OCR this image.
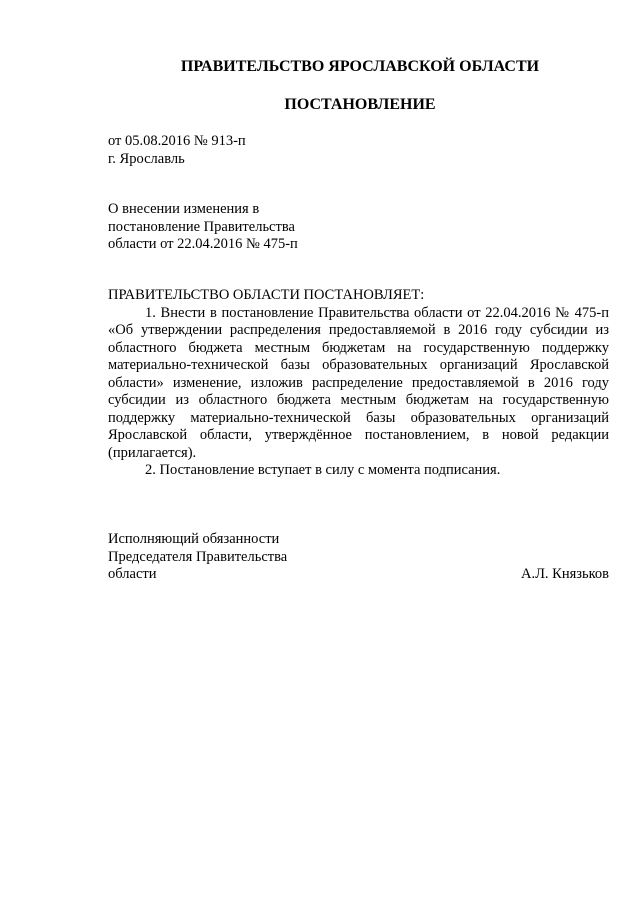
ПРАВИТЕЛЬСТВО ЯРОСЛАВСКОЙ ОБЛАСТИ
ПОСТАНОВЛЕНИЕ
от 05.08.2016 № 913-п
г. Ярославль
О внесении изменения в
постановление Правительства
области от 22.04.2016 № 475-п

ПРАВИТЕЛЬСТВО ОБЛАСТИ ПОСТАНОВЛЯЕТ:

1. Внести в постановление Правительства области от 22.04.2016 № 475-п «Об утверждении распределения предоставляемой в 2016 году субсидии из областного бюджета местным бюджетам на государственную поддержку материально-технической базы образовательных организаций Ярославской области» изменение, изложив распределение предоставляемой в 2016 году субсидии из областного бюджета местным бюджетам на государственную поддержку материально-технической базы образовательных организаций Ярославской области, утверждённое постановлением, в новой редакции (прилагается).

2. Постановление вступает в силу с момента подписания.

Исполняющий обязанности
Председателя Правительства
области	А.Л. Князьков
